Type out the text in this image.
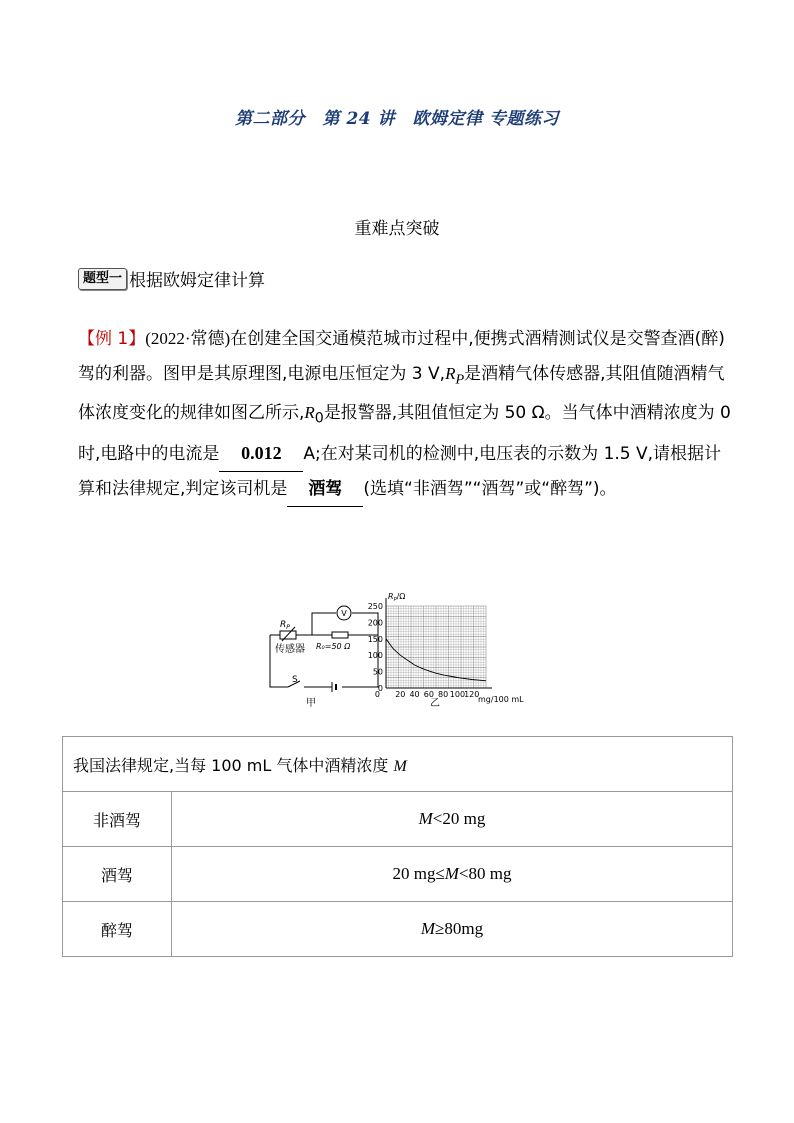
第二部分　第 24 讲　欧姆定律 专题练习
重难点突破
题型一 根据欧姆定律计算
【例 1】(2022·常德)在创建全国交通模范城市过程中,便携式酒精测试仪是交警查酒(醉)驾的利器。图甲是其原理图,电源电压恒定为 3 $V,R_P$是酒精气体传感器,其阻值随酒精气体浓度变化的规律如图乙所示$,R_0$是报警器,其阻值恒定为 50 Ω。当气体中酒精浓度为 0 时,电路中的电流是 0.012 A;在对某司机的检测中,电压表的示数为 1.5 V,请根据计算和法律规定,判定该司机是 酒驾 (选填“非酒驾”“酒驾”或“醉驾”)。
V
$R_P$
传感器 R₀=50 Ω
S
甲
0
50
100
150
200
250
0 20 40 60 80 100 120
$R_P/\Omega$
mg/100 mL
乙
我国法律规定,当每 100 mL 气体中酒精浓度 M	
非酒驾	M<20 mg
酒驾	20 mg≤M<80 mg
醉驾	M≥80mg
